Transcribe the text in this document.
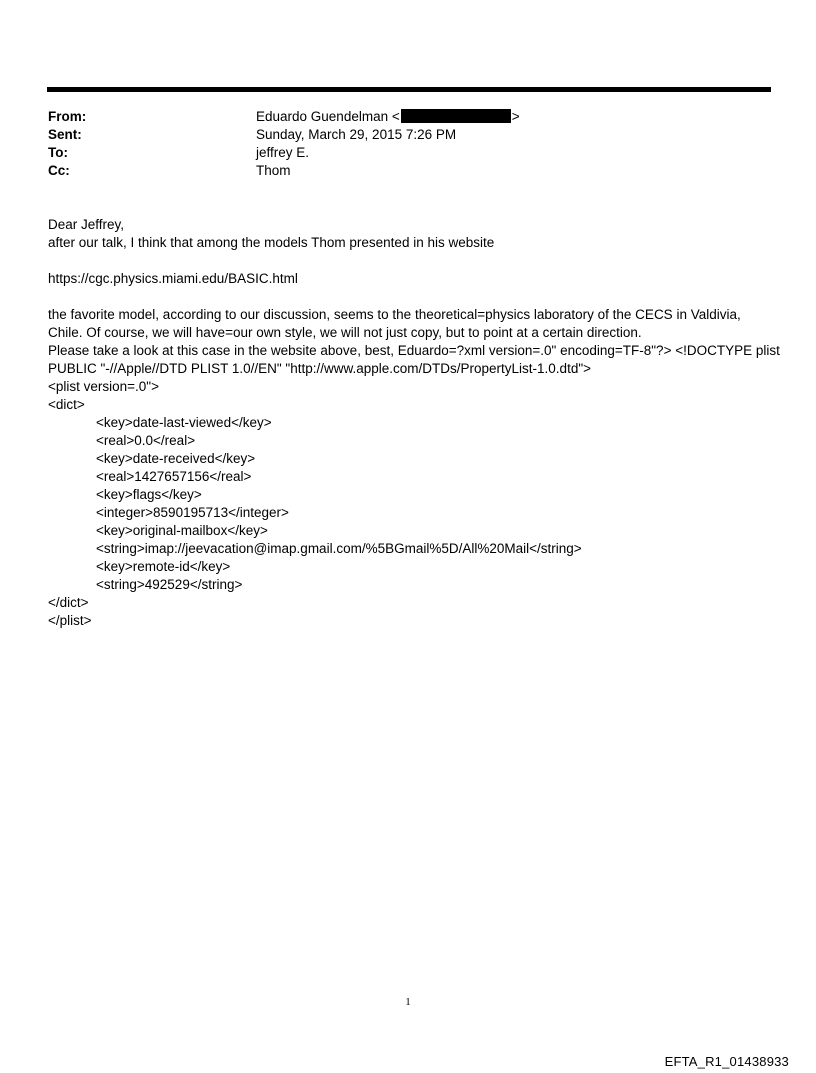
From:	Eduardo Guendelman <	>
Sent:	Sunday, March 29, 2015 7:26 PM
To:	jeffrey E.
Cc:	Thom
Dear Jeffrey,
after our talk, I think that among the models Thom presented in his website
https://cgc.physics.miami.edu/BASIC.html
the favorite model, according to our discussion, seems to the theoretical=physics laboratory of the CECS in Valdivia,
Chile. Of course, we will have=our own style, we will not just copy, but to point at a certain direction.
Please take a look at this case in the website above, best, Eduardo=?xml version=.0" encoding=TF-8"?> <!DOCTYPE plist
PUBLIC "-//Apple//DTD PLIST 1.0//EN" "http://www.apple.com/DTDs/PropertyList-1.0.dtd">
<plist version=.0">
<dict>
<key>date-last-viewed</key>
<real>0.0</real>
<key>date-received</key>
<real>1427657156</real>
<key>flags</key>
<integer>8590195713</integer>
<key>original-mailbox</key>
<string>imap://jeevacation@imap.gmail.com/%5BGmail%5D/All%20Mail</string>
<key>remote-id</key>
<string>492529</string>
</dict>
</plist>
1
EFTA_R1_01438933
